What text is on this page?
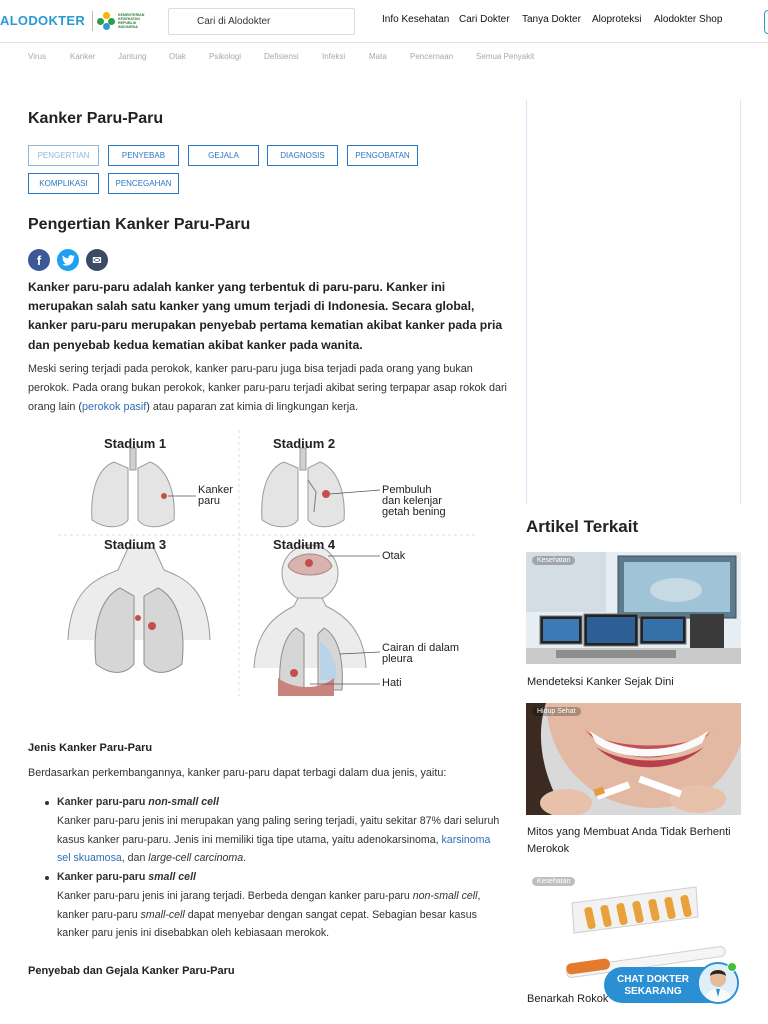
ALODOKTER	KEMENTERIAN
KESEHATAN
REPUBLIK
INDONESIA
Cari di Alodokter	Info Kesehatan Cari Dokter Tanya Dokter Aloproteksi Alodokter Shop
Virus	Kanker	Jantung	Otak	Psikologi	Defisiensi	Infeksi	Mata	Pencernaan	Semua Penyakit
Kanker Paru-Paru
PENGERTIAN	PENYEBAB	GEJALA	DIAGNOSIS	PENGOBATAN
KOMPLIKASI	PENCEGAHAN
Pengertian Kanker Paru-Paru
f	✉

Kanker paru-paru adalah kanker yang terbentuk di paru-paru. Kanker ini merupakan salah satu kanker yang umum terjadi di Indonesia. Secara global, kanker paru-paru merupakan penyebab pertama kematian akibat kanker pada pria dan penyebab kedua kematian akibat kanker pada wanita.

Meski sering terjadi pada perokok, kanker paru-paru juga bisa terjadi pada orang yang bukan perokok. Pada orang bukan perokok, kanker paru-paru terjadi akibat sering terpapar asap rokok dari orang lain (perokok pasif) atau paparan zat kimia di lingkungan kerja.

Stadium 1	Stadium 2
Stadium 3	Stadium 4
Kanker
paru
Pembuluh
dan kelenjar
getah bening
Otak
Cairan di dalam
pleura
Hati
Jenis Kanker Paru-Paru

Berdasarkan perkembangannya, kanker paru-paru dapat terbagi dalam dua jenis, yaitu:

Kanker paru-paru non-small cell
Kanker paru-paru jenis ini merupakan yang paling sering terjadi, yaitu sekitar 87% dari seluruh kasus kanker paru-paru. Jenis ini memiliki tiga tipe utama, yaitu adenokarsinoma, karsinoma sel skuamosa, dan large-cell carcinoma.
Kanker paru-paru small cell
Kanker paru-paru jenis ini jarang terjadi. Berbeda dengan kanker paru-paru non-small cell, kanker paru-paru small-cell dapat menyebar dengan sangat cepat. Sebagian besar kasus kanker paru jenis ini disebabkan oleh kebiasaan merokok.
Penyebab dan Gejala Kanker Paru-Paru
Artikel Terkait
Kesehatan
Mendeteksi Kanker Sejak Dini
Hidup Sehat
Mitos yang Membuat Anda Tidak Berhenti Merokok
Kesehatan
Benarkah Rokok
CHAT DOKTER
SEKARANG
